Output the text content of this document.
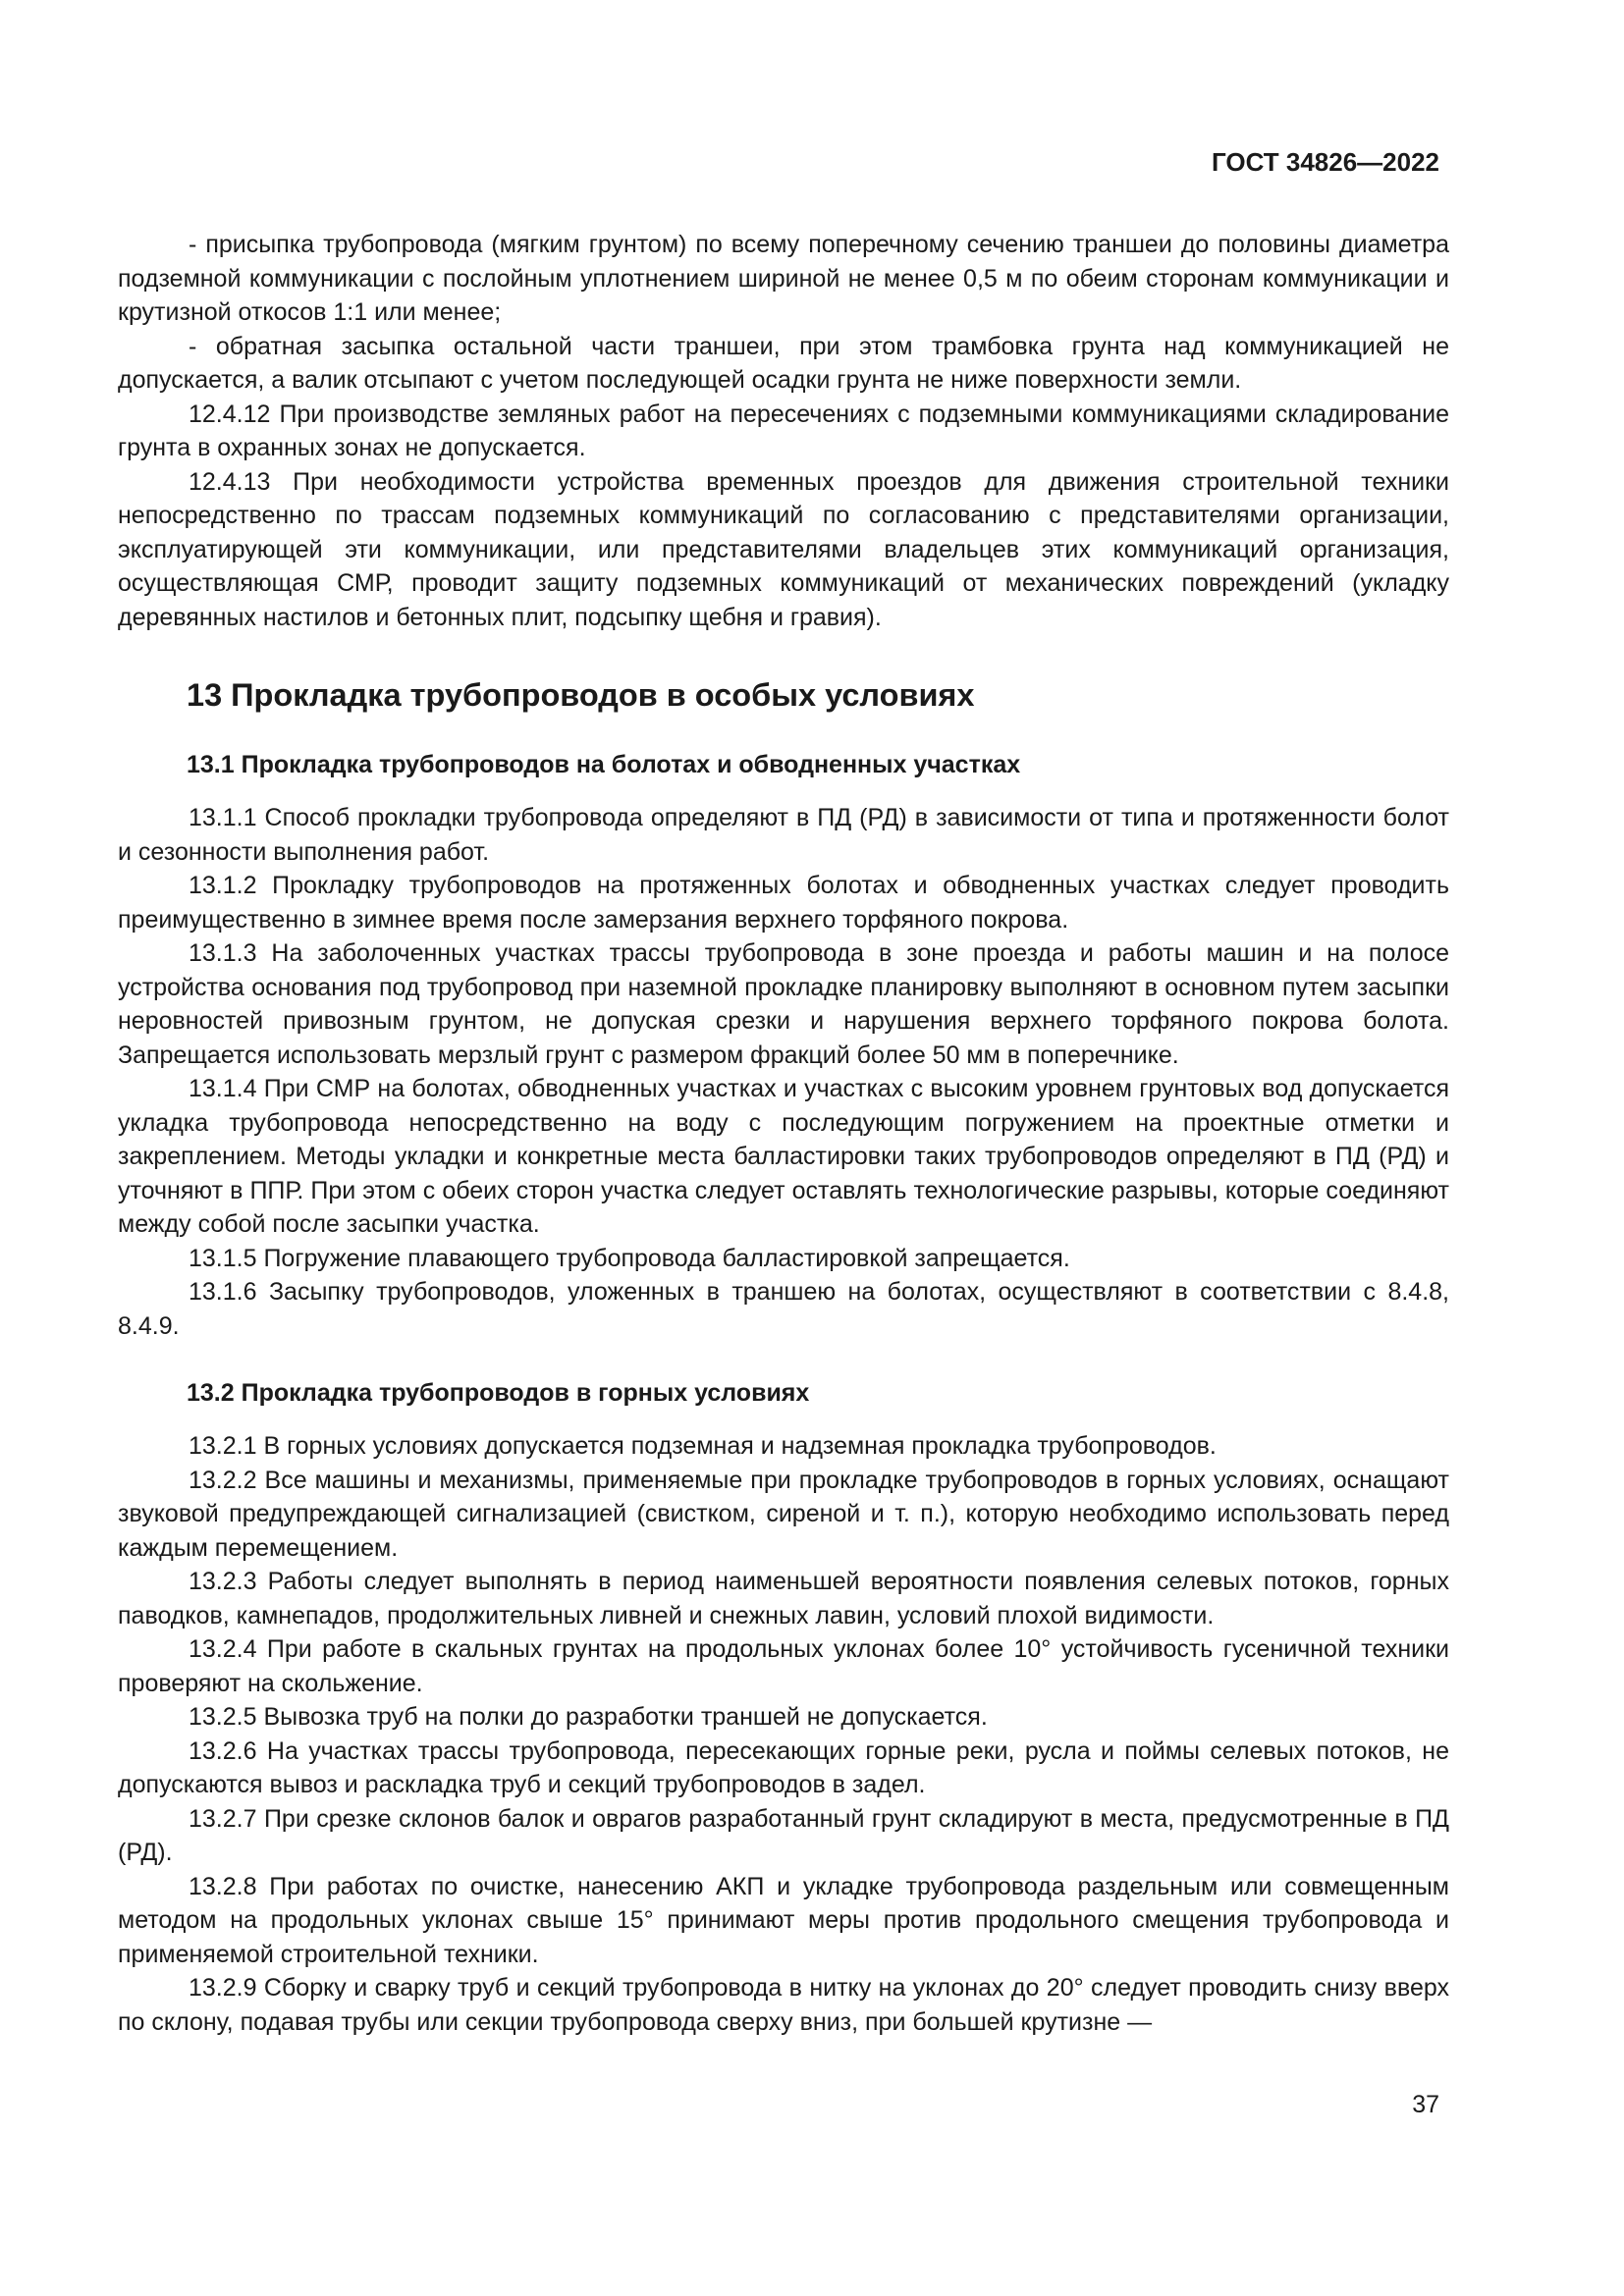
ГОСТ 34826—2022

- присыпка трубопровода (мягким грунтом) по всему поперечному сечению траншеи до половины диаметра подземной коммуникации с послойным уплотнением шириной не менее 0,5 м по обеим сторонам коммуникации и крутизной откосов 1:1 или менее;

- обратная засыпка остальной части траншеи, при этом трамбовка грунта над коммуникацией не допускается, а валик отсыпают с учетом последующей осадки грунта не ниже поверхности земли.

12.4.12 При производстве земляных работ на пересечениях с подземными коммуникациями складирование грунта в охранных зонах не допускается.

12.4.13 При необходимости устройства временных проездов для движения строительной техники непосредственно по трассам подземных коммуникаций по согласованию с представителями организации, эксплуатирующей эти коммуникации, или представителями владельцев этих коммуникаций организация, осуществляющая СМР, проводит защиту подземных коммуникаций от механических повреждений (укладку деревянных настилов и бетонных плит, подсыпку щебня и гравия).

13 Прокладка трубопроводов в особых условиях
13.1 Прокладка трубопроводов на болотах и обводненных участках

13.1.1 Способ прокладки трубопровода определяют в ПД (РД) в зависимости от типа и протяженности болот и сезонности выполнения работ.

13.1.2 Прокладку трубопроводов на протяженных болотах и обводненных участках следует проводить преимущественно в зимнее время после замерзания верхнего торфяного покрова.

13.1.3 На заболоченных участках трассы трубопровода в зоне проезда и работы машин и на полосе устройства основания под трубопровод при наземной прокладке планировку выполняют в основном путем засыпки неровностей привозным грунтом, не допуская срезки и нарушения верхнего торфяного покрова болота. Запрещается использовать мерзлый грунт с размером фракций более 50 мм в поперечнике.

13.1.4 При СМР на болотах, обводненных участках и участках с высоким уровнем грунтовых вод допускается укладка трубопровода непосредственно на воду с последующим погружением на проектные отметки и закреплением. Методы укладки и конкретные места балластировки таких трубопроводов определяют в ПД (РД) и уточняют в ППР. При этом с обеих сторон участка следует оставлять технологические разрывы, которые соединяют между собой после засыпки участка.

13.1.5 Погружение плавающего трубопровода балластировкой запрещается.

13.1.6 Засыпку трубопроводов, уложенных в траншею на болотах, осуществляют в соответствии с 8.4.8, 8.4.9.

13.2 Прокладка трубопроводов в горных условиях

13.2.1 В горных условиях допускается подземная и надземная прокладка трубопроводов.

13.2.2 Все машины и механизмы, применяемые при прокладке трубопроводов в горных условиях, оснащают звуковой предупреждающей сигнализацией (свистком, сиреной и т. п.), которую необходимо использовать перед каждым перемещением.

13.2.3 Работы следует выполнять в период наименьшей вероятности появления селевых потоков, горных паводков, камнепадов, продолжительных ливней и снежных лавин, условий плохой видимости.

13.2.4 При работе в скальных грунтах на продольных уклонах более 10° устойчивость гусеничной техники проверяют на скольжение.

13.2.5 Вывозка труб на полки до разработки траншей не допускается.

13.2.6 На участках трассы трубопровода, пересекающих горные реки, русла и поймы селевых потоков, не допускаются вывоз и раскладка труб и секций трубопроводов в задел.

13.2.7 При срезке склонов балок и оврагов разработанный грунт складируют в места, предусмотренные в ПД (РД).

13.2.8 При работах по очистке, нанесению АКП и укладке трубопровода раздельным или совмещенным методом на продольных уклонах свыше 15° принимают меры против продольного смещения трубопровода и применяемой строительной техники.

13.2.9 Сборку и сварку труб и секций трубопровода в нитку на уклонах до 20° следует проводить снизу вверх по склону, подавая трубы или секции трубопровода сверху вниз, при большей крутизне —

37
